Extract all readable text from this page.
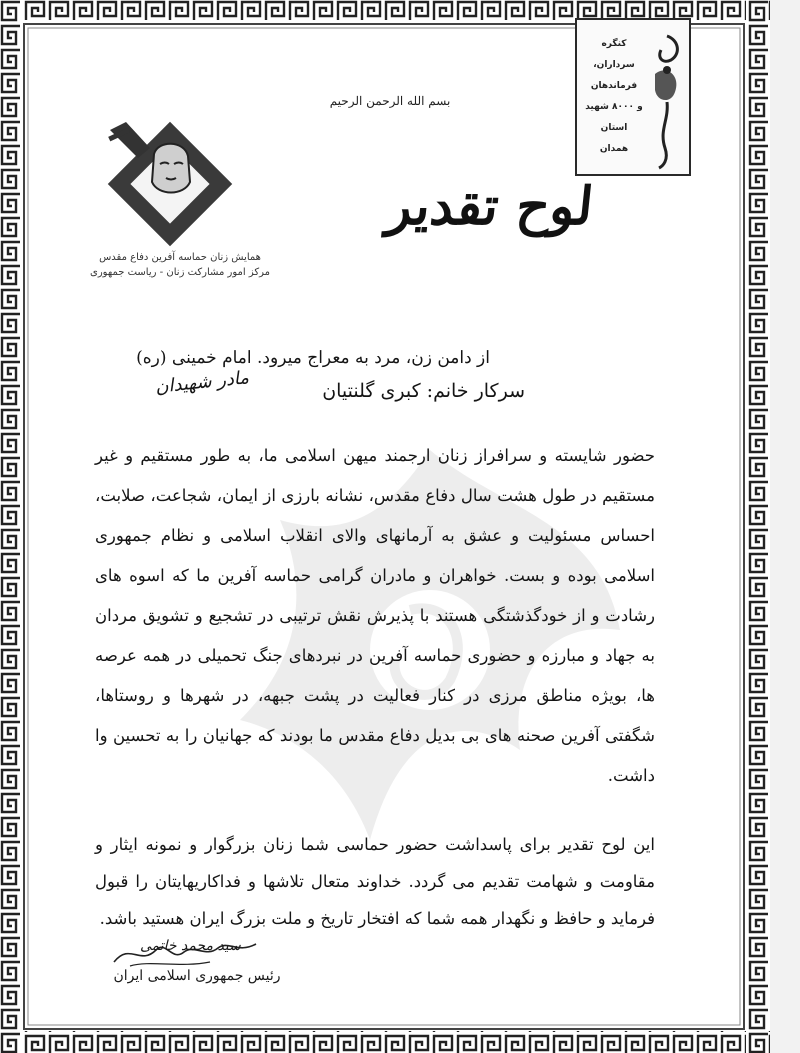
بسم الله الرحمن الرحیم
همایش زنان حماسه آفرین دفاع مقدس
مرکز امور مشارکت زنان - ریاست جمهوری
کنگره سرداران،
فرماندهان
و ۸۰۰۰ شهید
استان
همدان
لوح تقدیر
از دامن زن، مرد به معراج میرود. امام خمینی (ره)
سرکار خانم: کبری گلنتیان
مادر شهیدان
حضور شایسته و سرافراز زنان ارجمند میهن اسلامی ما، به طور مستقیم و غیر مستقیم در طول هشت سال دفاع مقدس، نشانه بارزی از ایمان، شجاعت، صلابت، احساس مسئولیت و عشق به آرمانهای والای انقلاب اسلامی و نظام جمهوری اسلامی بوده و بست. خواهران و مادران گرامی حماسه آفرین ما که اسوه های رشادت و از خودگذشتگی هستند با پذیرش نقش ترتیبی در تشجیع و تشویق مردان به جهاد و مبارزه و حضوری حماسه آفرین در نبردهای جنگ تحمیلی در همه عرصه ها، بویژه مناطق مرزی در کنار فعالیت در پشت جبهه، در شهرها و روستاها، شگفتی آفرین صحنه های بی بدیل دفاع مقدس ما بودند که جهانیان را به تحسین وا داشت.
این لوح تقدیر برای پاسداشت حضور حماسی شما زنان بزرگوار و نمونه ایثار و مقاومت و شهامت تقدیم می گردد. خداوند متعال تلاشها و فداکاریهایتان را قبول فرماید و حافظ و نگهدار همه شما که افتخار تاریخ و ملت بزرگ ایران هستید باشد.
سید محمد خاتمی
رئیس جمهوری اسلامی ایران
